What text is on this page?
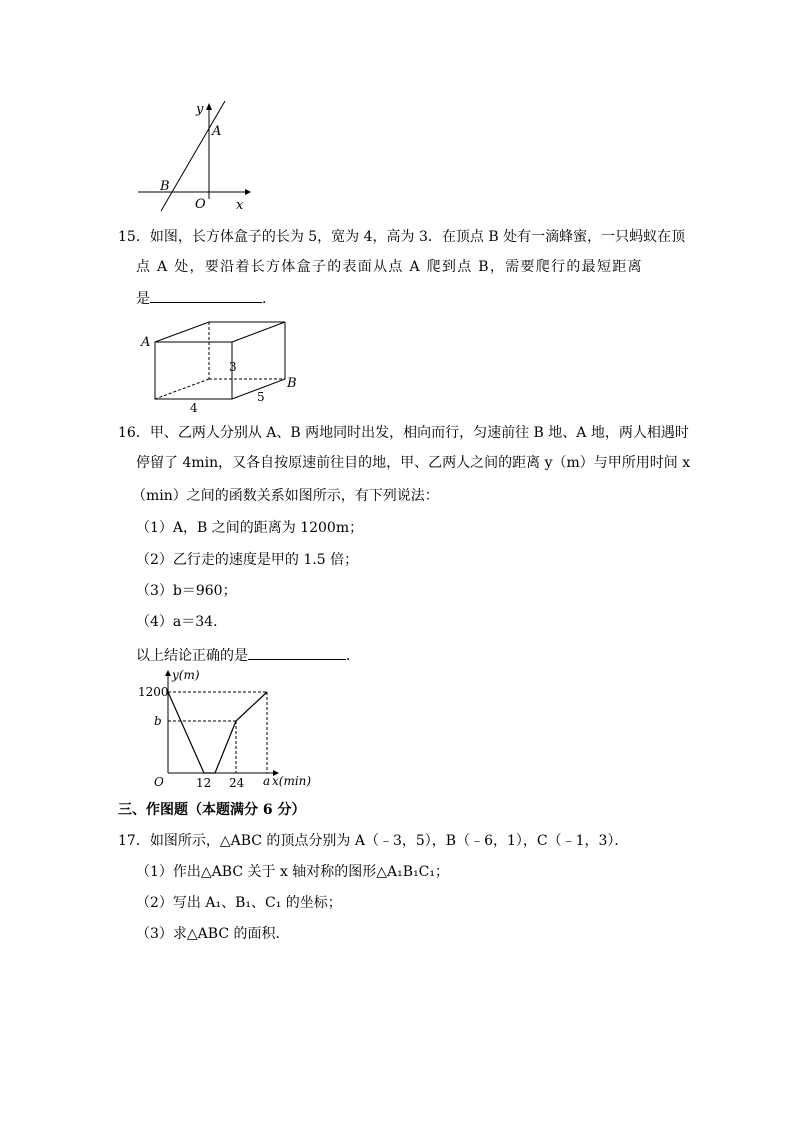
y
A
B
O x
15．如图，长方体盒子的长为 5，宽为 4，高为 3．在顶点 B 处有一滴蜂蜜，一只蚂蚁在顶
点 A 处，要沿着长方体盒子的表面从点 A 爬到点 B，需要爬行的最短距离
是	．
A
B
3
4
5
16．甲、乙两人分别从 A、B 两地同时出发，相向而行，匀速前往 B 地、A 地，两人相遇时
停留了 4min，又各自按原速前往目的地，甲、乙两人之间的距离 y（m）与甲所用时间 x
（min）之间的函数关系如图所示，有下列说法：
（1）A，B 之间的距离为 1200m；
（2）乙行走的速度是甲的 1.5 倍；
（3）b＝960；
（4）a＝34．
以上结论正确的是	．
y(m)
1200
b
O	12 24 a x(min)
三、作图题（本题满分 6 分）
17．如图所示，△ABC 的顶点分别为 A（﹣3，5），B（﹣6，1），C（﹣1，3）．
（1）作出△ABC 关于 x 轴对称的图形△A₁B₁C₁；
（2）写出 A₁、B₁、C₁ 的坐标；
（3）求△ABC 的面积．
